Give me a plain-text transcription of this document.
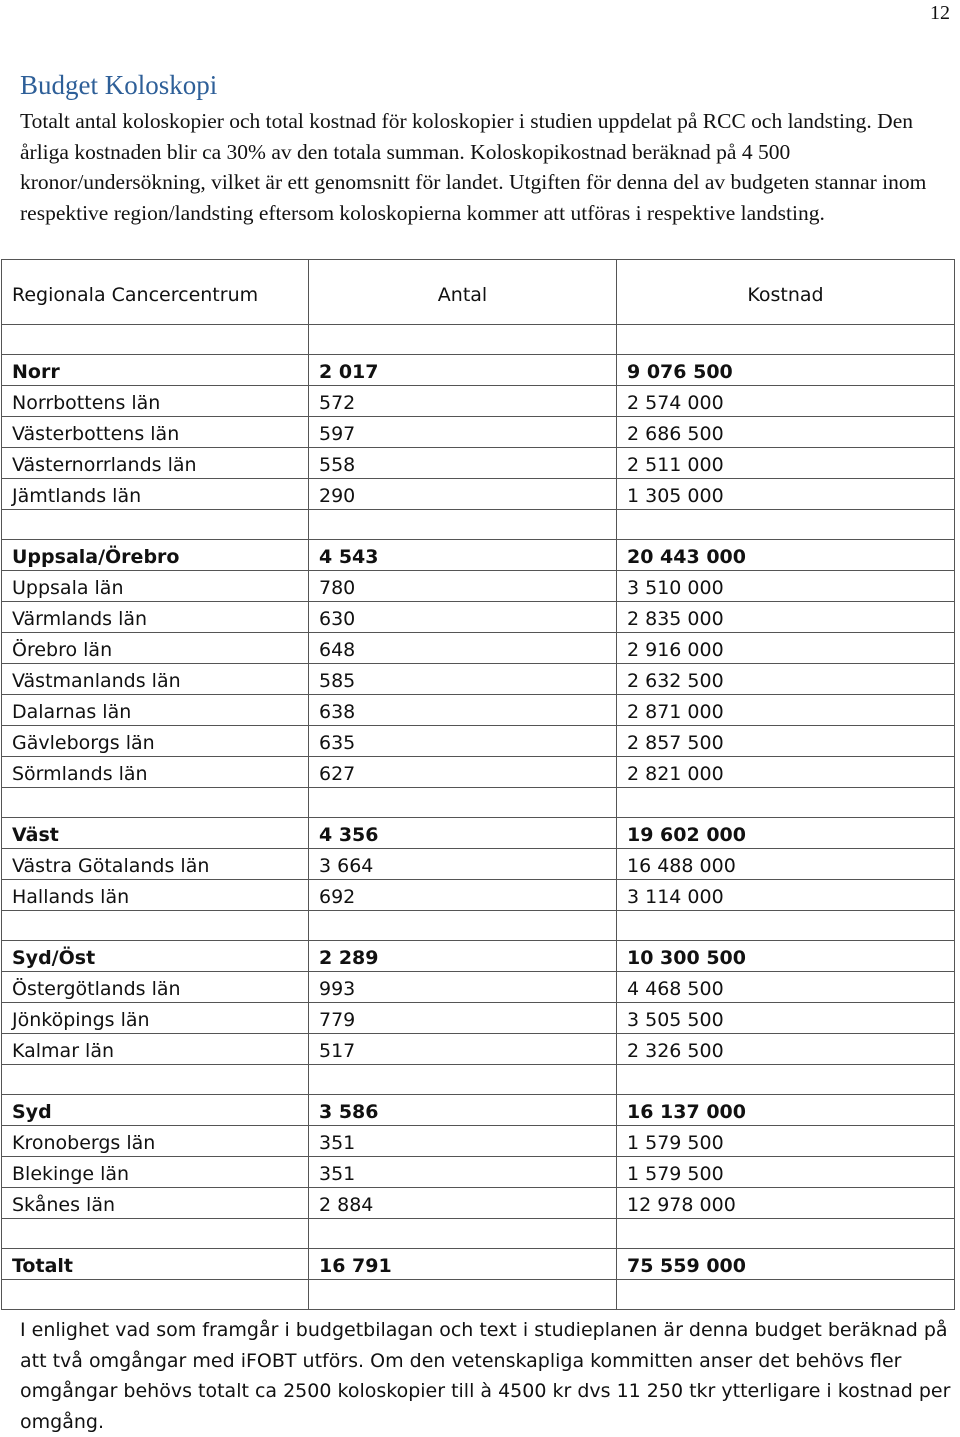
12
Budget Koloskopi

Totalt antal koloskopier och total kostnad för koloskopier i studien uppdelat på RCC och landsting. Den årliga kostnaden blir ca 30% av den totala summan. Koloskopikostnad beräknad på 4 500 kronor/undersökning, vilket är ett genomsnitt för landet. Utgiften för denna del av budgeten stannar inom respektive region/landsting eftersom koloskopierna kommer att utföras i respektive landsting.

Regionala Cancercentrum	Antal	Kostnad

Norr	2 017	9 076 500
Norrbottens län	572	2 574 000
Västerbottens län	597	2 686 500
Västernorrlands län	558	2 511 000
Jämtlands län	290	1 305 000

Uppsala/Örebro	4 543	20 443 000
Uppsala län	780	3 510 000
Värmlands län	630	2 835 000
Örebro län	648	2 916 000
Västmanlands län	585	2 632 500
Dalarnas län	638	2 871 000
Gävleborgs län	635	2 857 500
Sörmlands län	627	2 821 000

Väst	4 356	19 602 000
Västra Götalands län	3 664	16 488 000
Hallands län	692	3 114 000

Syd/Öst	2 289	10 300 500
Östergötlands län	993	4 468 500
Jönköpings län	779	3 505 500
Kalmar län	517	2 326 500

Syd	3 586	16 137 000
Kronobergs län	351	1 579 500
Blekinge län	351	1 579 500
Skånes län	2 884	12 978 000

Totalt	16 791	75 559 000

I enlighet vad som framgår i budgetbilagan och text i studieplanen är denna budget beräknad på att två omgångar med iFOBT utförs. Om den vetenskapliga kommitten anser det behövs fler omgångar behövs totalt ca 2500 koloskopier till à 4500 kr dvs 11 250 tkr ytterligare i kostnad per omgång.
